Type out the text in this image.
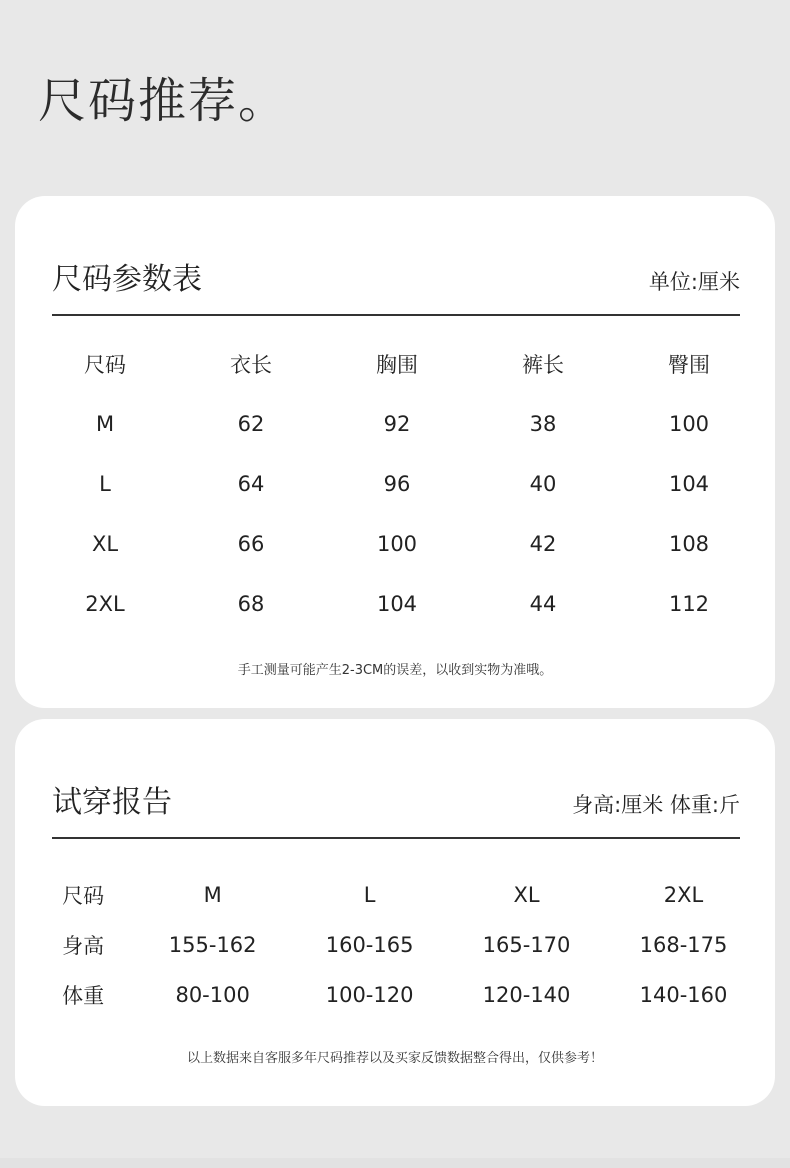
尺码推荐。
尺码参数表	单位:厘米
尺码	衣长	胸围	裤长	臀围
M	62	92	38	100
L	64	96	40	104
XL	66	100	42	108
2XL	68	104	44	112
手工测量可能产生2-3CM的误差，以收到实物为准哦。
试穿报告	身高:厘米 体重:斤
尺码	M	L	XL	2XL
身高	155-162	160-165	165-170	168-175
体重	80-100	100-120	120-140	140-160
以上数据来自客服多年尺码推荐以及买家反馈数据整合得出，仅供参考！
